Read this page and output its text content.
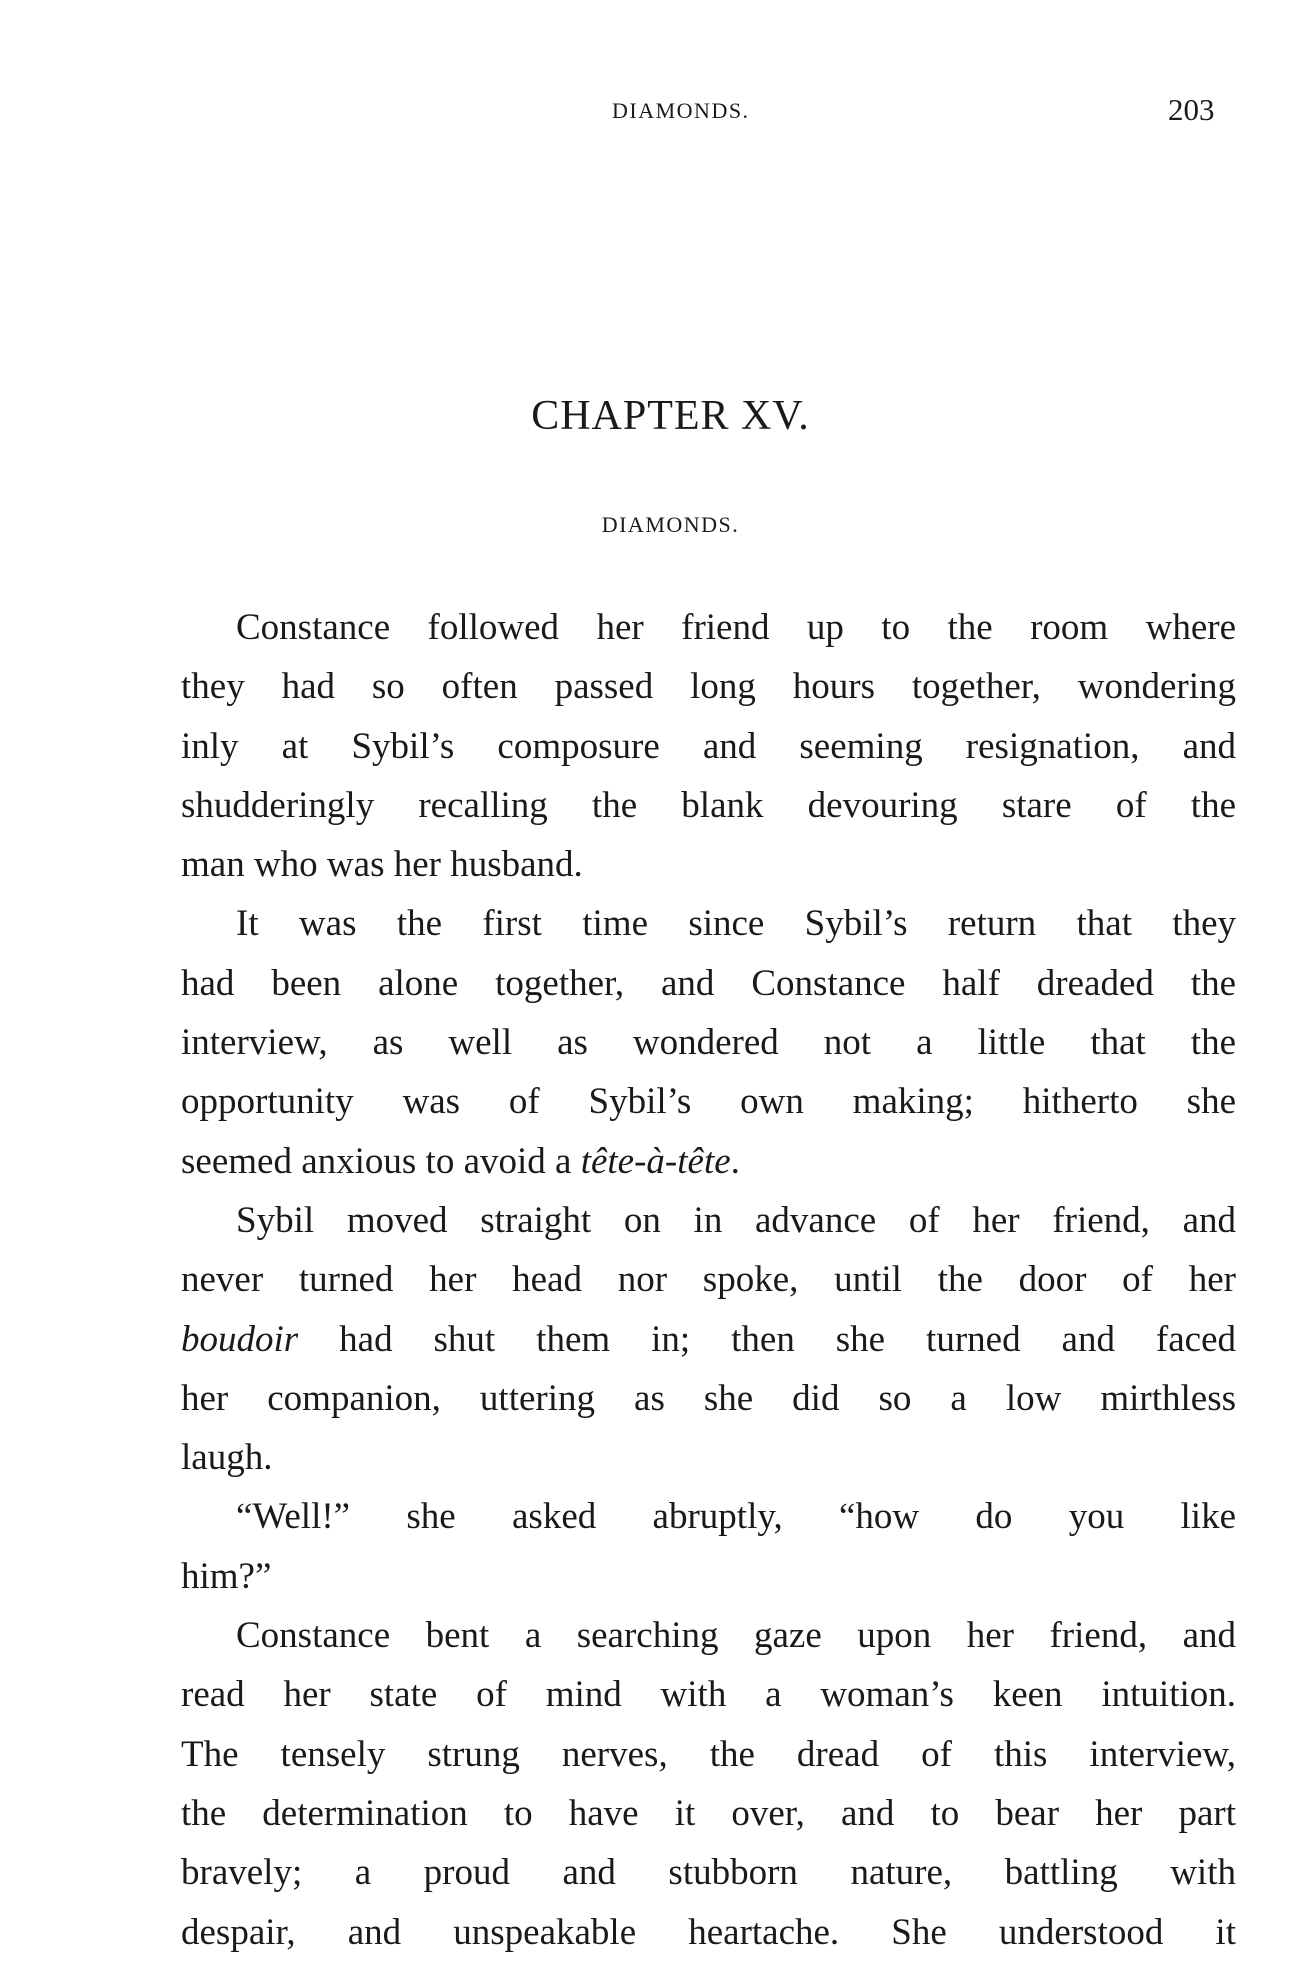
DIAMONDS.	203
CHAPTER XV.
DIAMONDS.
Constance followed her friend up to the room where
they had so often passed long hours together, wondering
inly at Sybil’s composure and seeming resignation, and
shudderingly recalling the blank devouring stare of the
man who was her husband.
It was the first time since Sybil’s return that they
had been alone together, and Constance half dreaded the
interview, as well as wondered not a little that the
opportunity was of Sybil’s own making; hitherto she
seemed anxious to avoid a tête-à-tête.
Sybil moved straight on in advance of her friend, and
never turned her head nor spoke, until the door of her
boudoir had shut them in; then she turned and faced
her companion, uttering as she did so a low mirthless
laugh.
“Well!” she asked abruptly, “how do you like
him?”
Constance bent a searching gaze upon her friend, and
read her state of mind with a woman’s keen intuition.
The tensely strung nerves, the dread of this interview,
the determination to have it over, and to bear her part
bravely; a proud and stubborn nature, battling with
despair, and unspeakable heartache. She understood it
